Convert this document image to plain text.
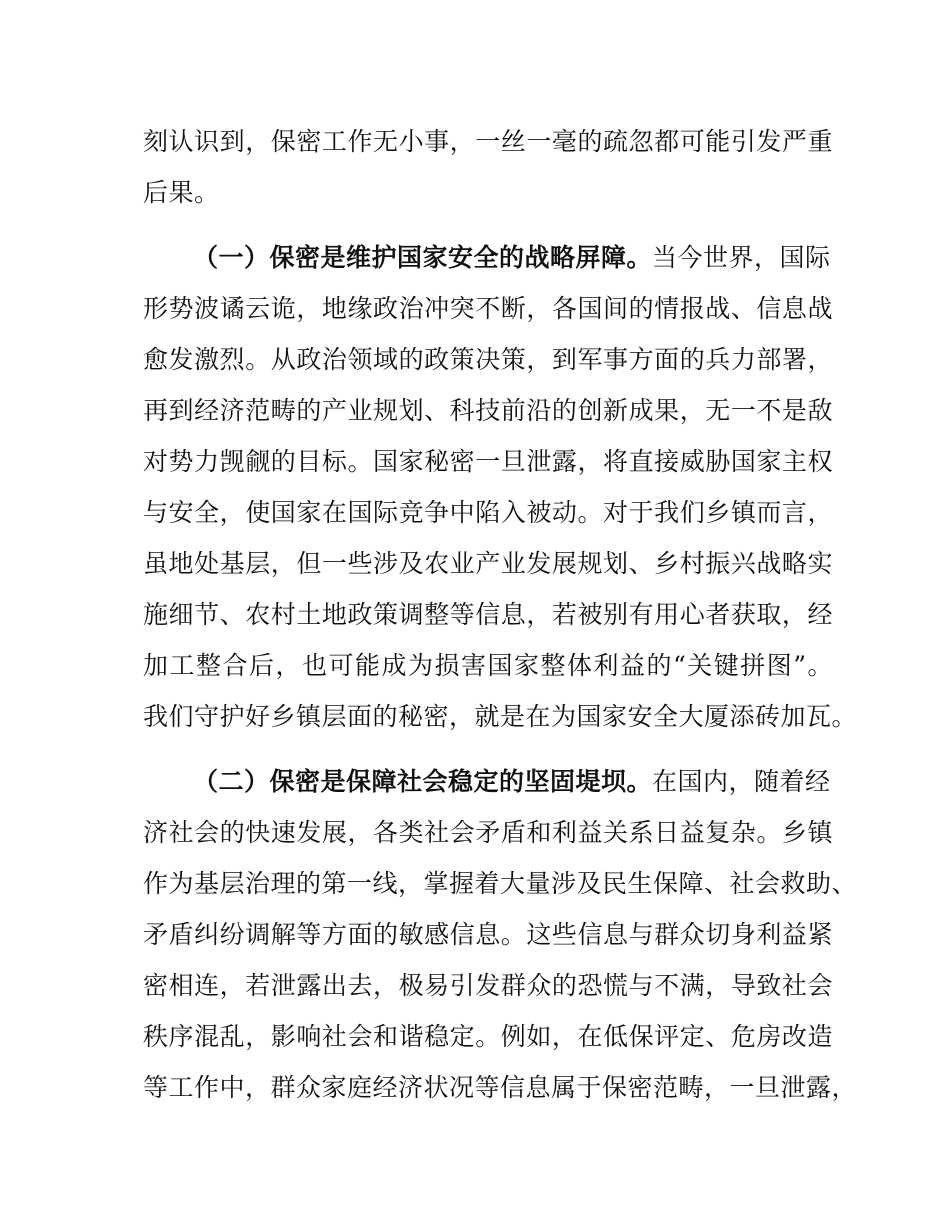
刻认识到，保密工作无小事，一丝一毫的疏忽都可能引发严重
后果。
（一）保密是维护国家安全的战略屏障。当今世界，国际
形势波谲云诡，地缘政治冲突不断，各国间的情报战、信息战
愈发激烈。从政治领域的政策决策，到军事方面的兵力部署，
再到经济范畴的产业规划、科技前沿的创新成果，无一不是敌
对势力觊觎的目标。国家秘密一旦泄露，将直接威胁国家主权
与安全，使国家在国际竞争中陷入被动。对于我们乡镇而言，
虽地处基层，但一些涉及农业产业发展规划、乡村振兴战略实
施细节、农村土地政策调整等信息，若被别有用心者获取，经
加工整合后，也可能成为损害国家整体利益的“关键拼图”。
我们守护好乡镇层面的秘密，就是在为国家安全大厦添砖加瓦。
（二）保密是保障社会稳定的坚固堤坝。在国内，随着经
济社会的快速发展，各类社会矛盾和利益关系日益复杂。乡镇
作为基层治理的第一线，掌握着大量涉及民生保障、社会救助、
矛盾纠纷调解等方面的敏感信息。这些信息与群众切身利益紧
密相连，若泄露出去，极易引发群众的恐慌与不满，导致社会
秩序混乱，影响社会和谐稳定。例如，在低保评定、危房改造
等工作中，群众家庭经济状况等信息属于保密范畴，一旦泄露，
